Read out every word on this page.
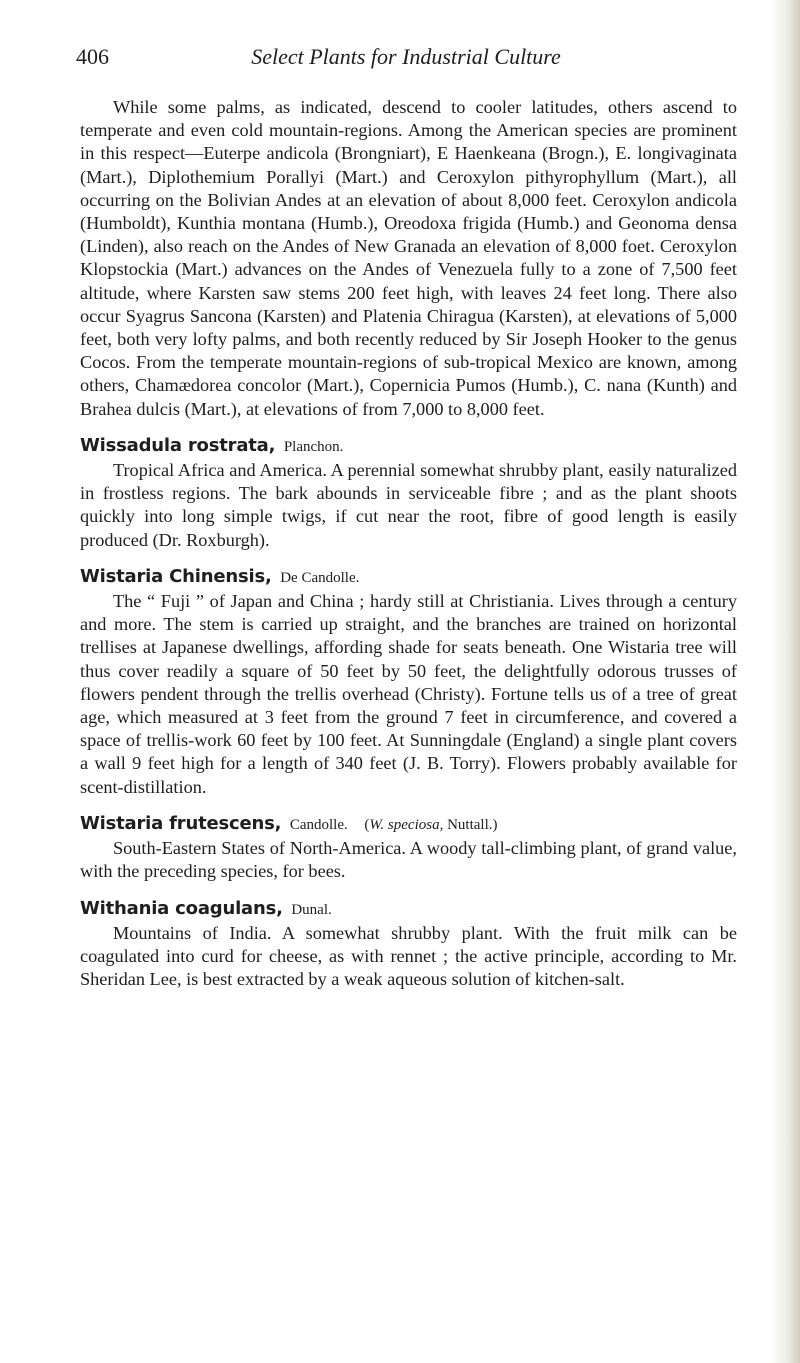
406	Select Plants for Industrial Culture

While some palms, as indicated, descend to cooler latitudes, others ascend to temperate and even cold mountain-regions. Among the American species are prominent in this respect—Euterpe andicola (Brongniart), E Haenkeana (Brogn.), E. longivaginata (Mart.), Diplothemium Porallyi (Mart.) and Ceroxylon pithyrophyllum (Mart.), all occurring on the Bolivian Andes at an elevation of about 8,000 feet. Ceroxylon andicola (Humboldt), Kunthia montana (Humb.), Oreodoxa frigida (Humb.) and Geonoma densa (Linden), also reach on the Andes of New Granada an elevation of 8,000 foet. Ceroxylon Klopstockia (Mart.) advances on the Andes of Venezuela fully to a zone of 7,500 feet altitude, where Karsten saw stems 200 feet high, with leaves 24 feet long. There also occur Syagrus Sancona (Karsten) and Platenia Chiragua (Karsten), at elevations of 5,000 feet, both very lofty palms, and both recently reduced by Sir Joseph Hooker to the genus Cocos. From the temperate mountain-regions of sub-tropical Mexico are known, among others, Chamædorea concolor (Mart.), Copernicia Pumos (Humb.), C. nana (Kunth) and Brahea dulcis (Mart.), at elevations of from 7,000 to 8,000 feet.

Wissadula rostrata, Planchon.

Tropical Africa and America. A perennial somewhat shrubby plant, easily naturalized in frostless regions. The bark abounds in serviceable fibre ; and as the plant shoots quickly into long simple twigs, if cut near the root, fibre of good length is easily produced (Dr. Roxburgh).

Wistaria Chinensis, De Candolle.

The “ Fuji ” of Japan and China ; hardy still at Christiania. Lives through a century and more. The stem is carried up straight, and the branches are trained on horizontal trellises at Japanese dwellings, affording shade for seats beneath. One Wistaria tree will thus cover readily a square of 50 feet by 50 feet, the delightfully odorous trusses of flowers pendent through the trellis overhead (Christy). Fortune tells us of a tree of great age, which measured at 3 feet from the ground 7 feet in circumference, and covered a space of trellis-work 60 feet by 100 feet. At Sunningdale (England) a single plant covers a wall 9 feet high for a length of 340 feet (J. B. Torry). Flowers probably available for scent-distillation.

Wistaria frutescens, Candolle. (W. speciosa, Nuttall.)

South-Eastern States of North-America. A woody tall-climbing plant, of grand value, with the preceding species, for bees.

Withania coagulans, Dunal.

Mountains of India. A somewhat shrubby plant. With the fruit milk can be coagulated into curd for cheese, as with rennet ; the active principle, according to Mr. Sheridan Lee, is best extracted by a weak aqueous solution of kitchen-salt.
